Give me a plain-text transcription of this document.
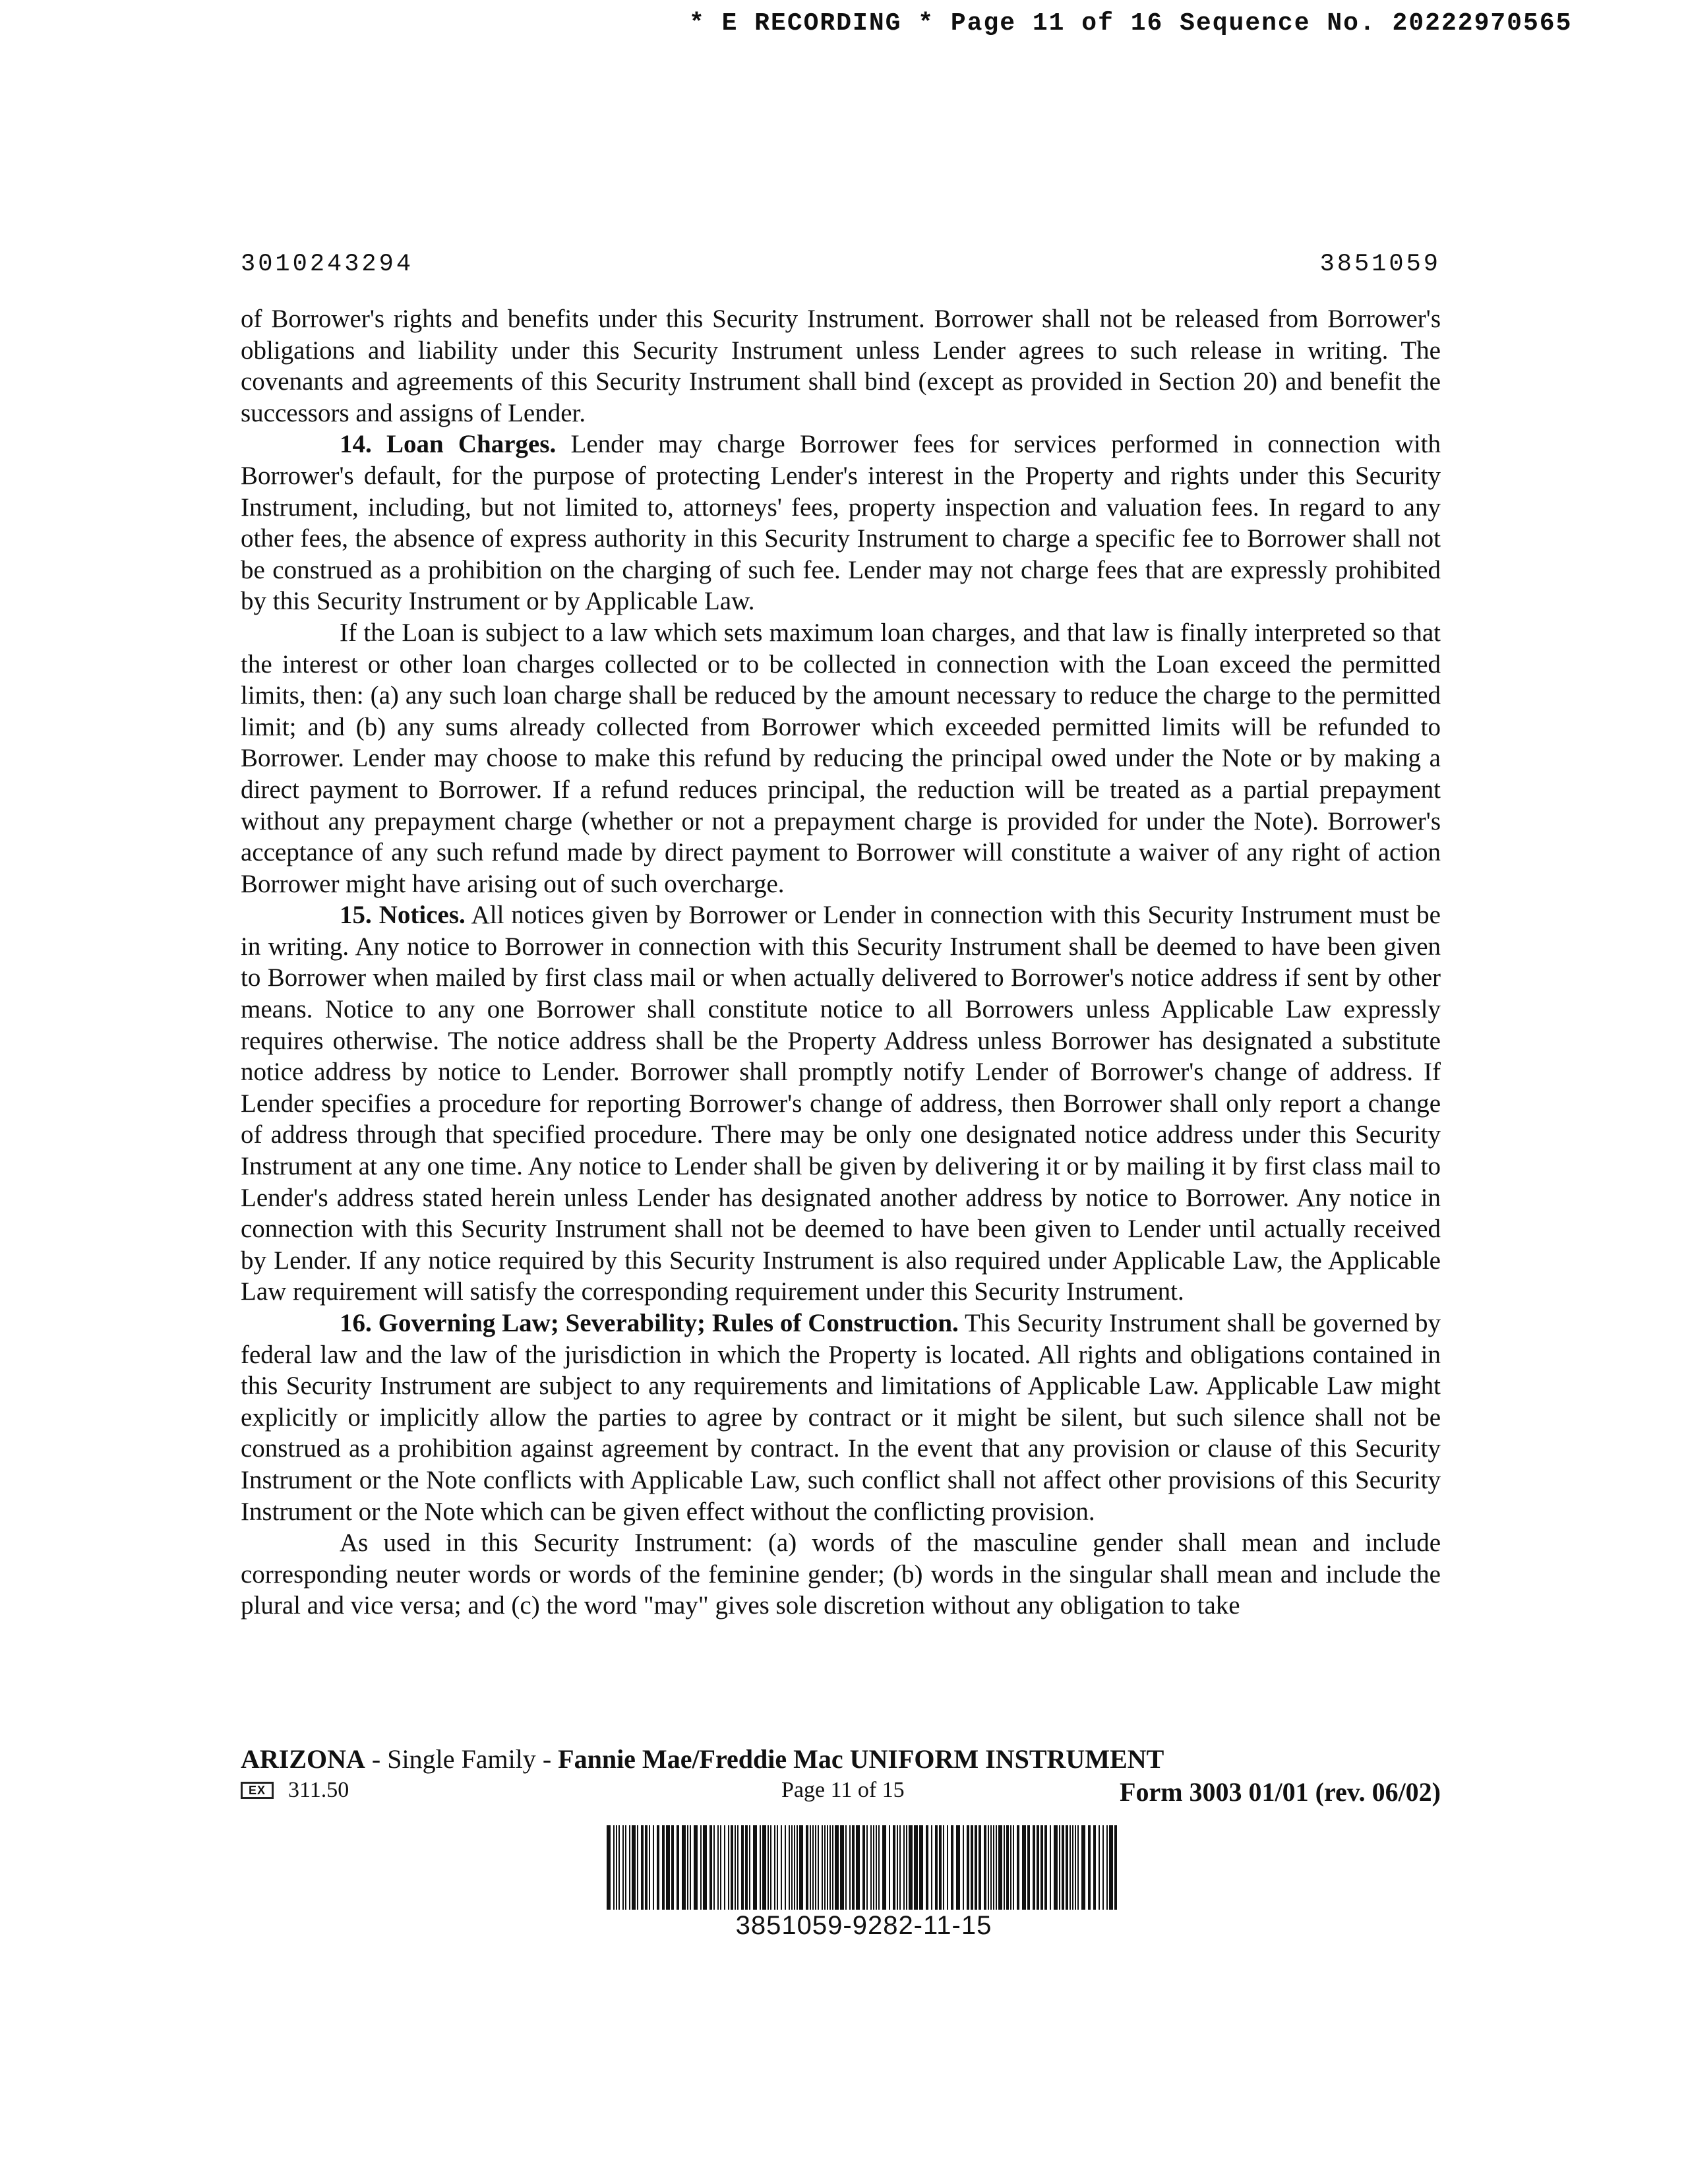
* E RECORDING * Page 11 of 16 Sequence No. 20222970565
3010243294	3851059

of Borrower's rights and benefits under this Security Instrument. Borrower shall not be released from Borrower's obligations and liability under this Security Instrument unless Lender agrees to such release in writing. The covenants and agreements of this Security Instrument shall bind (except as provided in Section 20) and benefit the successors and assigns of Lender.

14. Loan Charges. Lender may charge Borrower fees for services performed in connection with Borrower's default, for the purpose of protecting Lender's interest in the Property and rights under this Security Instrument, including, but not limited to, attorneys' fees, property inspection and valuation fees. In regard to any other fees, the absence of express authority in this Security Instrument to charge a specific fee to Borrower shall not be construed as a prohibition on the charging of such fee. Lender may not charge fees that are expressly prohibited by this Security Instrument or by Applicable Law.

If the Loan is subject to a law which sets maximum loan charges, and that law is finally interpreted so that the interest or other loan charges collected or to be collected in connection with the Loan exceed the permitted limits, then: (a) any such loan charge shall be reduced by the amount necessary to reduce the charge to the permitted limit; and (b) any sums already collected from Borrower which exceeded permitted limits will be refunded to Borrower. Lender may choose to make this refund by reducing the principal owed under the Note or by making a direct payment to Borrower. If a refund reduces principal, the reduction will be treated as a partial prepayment without any prepayment charge (whether or not a prepayment charge is provided for under the Note). Borrower's acceptance of any such refund made by direct payment to Borrower will constitute a waiver of any right of action Borrower might have arising out of such overcharge.

15. Notices. All notices given by Borrower or Lender in connection with this Security Instrument must be in writing. Any notice to Borrower in connection with this Security Instrument shall be deemed to have been given to Borrower when mailed by first class mail or when actually delivered to Borrower's notice address if sent by other means. Notice to any one Borrower shall constitute notice to all Borrowers unless Applicable Law expressly requires otherwise. The notice address shall be the Property Address unless Borrower has designated a substitute notice address by notice to Lender. Borrower shall promptly notify Lender of Borrower's change of address. If Lender specifies a procedure for reporting Borrower's change of address, then Borrower shall only report a change of address through that specified procedure. There may be only one designated notice address under this Security Instrument at any one time. Any notice to Lender shall be given by delivering it or by mailing it by first class mail to Lender's address stated herein unless Lender has designated another address by notice to Borrower. Any notice in connection with this Security Instrument shall not be deemed to have been given to Lender until actually received by Lender. If any notice required by this Security Instrument is also required under Applicable Law, the Applicable Law requirement will satisfy the corresponding requirement under this Security Instrument.

16. Governing Law; Severability; Rules of Construction. This Security Instrument shall be governed by federal law and the law of the jurisdiction in which the Property is located. All rights and obligations contained in this Security Instrument are subject to any requirements and limitations of Applicable Law. Applicable Law might explicitly or implicitly allow the parties to agree by contract or it might be silent, but such silence shall not be construed as a prohibition against agreement by contract. In the event that any provision or clause of this Security Instrument or the Note conflicts with Applicable Law, such conflict shall not affect other provisions of this Security Instrument or the Note which can be given effect without the conflicting provision.

As used in this Security Instrument: (a) words of the masculine gender shall mean and include corresponding neuter words or words of the feminine gender; (b) words in the singular shall mean and include the plural and vice versa; and (c) the word "may" gives sole discretion without any obligation to take

ARIZONA - Single Family - Fannie Mae/Freddie Mac UNIFORM INSTRUMENT
EX	311.50	Page 11 of 15	Form 3003 01/01 (rev. 06/02)
3851059-9282-11-15
